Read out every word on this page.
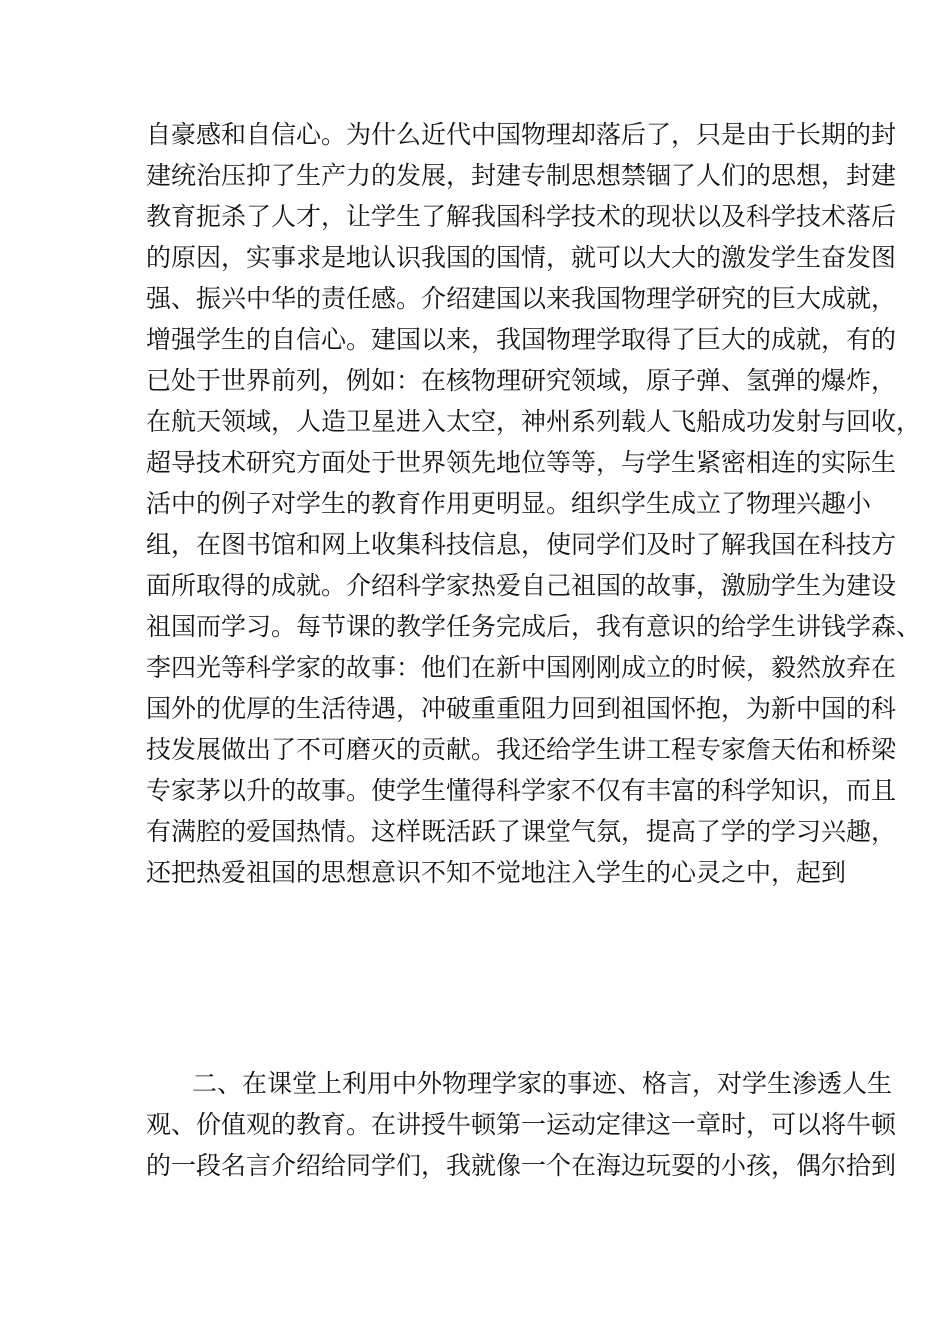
自豪感和自信心。为什么近代中国物理却落后了，只是由于长期的封
建统治压抑了生产力的发展，封建专制思想禁锢了人们的思想，封建
教育扼杀了人才，让学生了解我国科学技术的现状以及科学技术落后
的原因，实事求是地认识我国的国情，就可以大大的激发学生奋发图
强、振兴中华的责任感。介绍建国以来我国物理学研究的巨大成就，
增强学生的自信心。建国以来，我国物理学取得了巨大的成就，有的
已处于世界前列，例如：在核物理研究领域，原子弹、氢弹的爆炸，
在航天领域，人造卫星进入太空，神州系列载人飞船成功发射与回收，
超导技术研究方面处于世界领先地位等等，与学生紧密相连的实际生
活中的例子对学生的教育作用更明显。组织学生成立了物理兴趣小
组，在图书馆和网上收集科技信息，使同学们及时了解我国在科技方
面所取得的成就。介绍科学家热爱自己祖国的故事，激励学生为建设
祖国而学习。每节课的教学任务完成后，我有意识的给学生讲钱学森、
李四光等科学家的故事：他们在新中国刚刚成立的时候，毅然放弃在
国外的优厚的生活待遇，冲破重重阻力回到祖国怀抱，为新中国的科
技发展做出了不可磨灭的贡献。我还给学生讲工程专家詹天佑和桥梁
专家茅以升的故事。使学生懂得科学家不仅有丰富的科学知识，而且
有满腔的爱国热情。这样既活跃了课堂气氛，提高了学的学习兴趣，
还把热爱祖国的思想意识不知不觉地注入学生的心灵之中，起到
二、在课堂上利用中外物理学家的事迹、格言，对学生渗透人生
观、价值观的教育。在讲授牛顿第一运动定律这一章时，可以将牛顿
的一段名言介绍给同学们，我就像一个在海边玩耍的小孩，偶尔拾到
